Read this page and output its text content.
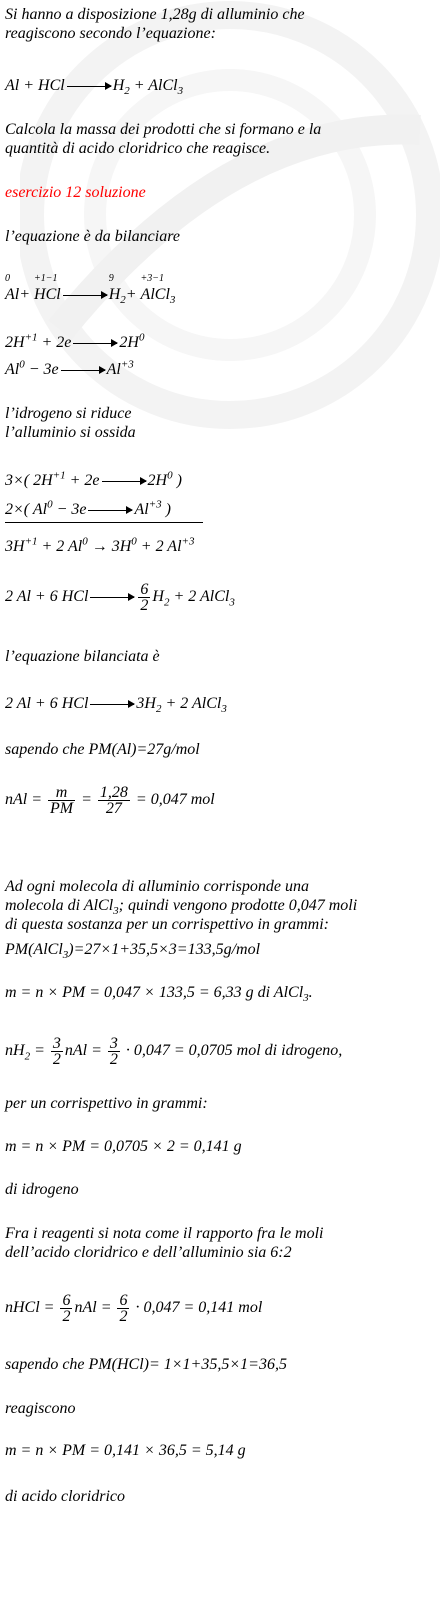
Si hanno a disposizione 1,28g di alluminio che
reagiscono secondo l’equazione:
Al + HCl	$H_2$ + AlCl$_3$
Calcola la massa dei prodotti che si formano e la
quantità di acido cloridrico che reagisce.
esercizio 12 soluzione
l’equazione è da bilanciare
0
Al+
+1−1
HCl
9
$H_2+$
+3−1
AlCl$_3$
$2H^{+1} + 2e$	$2H^0$
$Al^0 - 3e$	$Al^{+3}$
l’idrogeno si riduce
l’alluminio si ossida
3×( $2H^{+1} + 2e$	$2H^0$ )
2×( $Al^0 - 3e$	$Al^{+3}$ )
$3H^{+1} + 2$ $Al^0 \to 3H^0 + 2$ $Al^{+3}$
2 Al + 6 HCl	$\frac{6}{2} H_2 + 2$ AlCl$_3$
l’equazione bilanciata è
2 Al + 6 HCl	$3H_2 + 2$ AlCl$_3$
sapendo che PM(Al)=27g/mol
nAl = $\frac{m}{PM} = \frac{1,28}{27} = 0,047$ mol
Ad ogni molecola di alluminio corrisponde una
molecola di AlCl$_3$; quindi vengono prodotte 0,047 moli
di questa sostanza per un corrispettivo in grammi:
PM(AlCl$_3$)=27×1+35,5×3=133,5g/mol
m = n × PM = 0,047 × 133,5 = 6,33 g di AlCl$_3$.
$nH_2 = \frac{3}{2}$ nAl = $\frac{3}{2} \cdot 0,047 = 0,0705$ mol di idrogeno,
per un corrispettivo in grammi:
m = n × PM = 0,0705 × 2 = 0,141 g
di idrogeno
Fra i reagenti si nota come il rapporto fra le moli
dell’acido cloridrico e dell’alluminio sia 6:2
nHCl = $\frac{6}{2}$ nAl = $\frac{6}{2} \cdot 0,047 = 0,141$ mol
sapendo che PM(HCl)= 1×1+35,5×1=36,5
reagiscono
m = n × PM = 0,141 × 36,5 = 5,14 g
di acido cloridrico
